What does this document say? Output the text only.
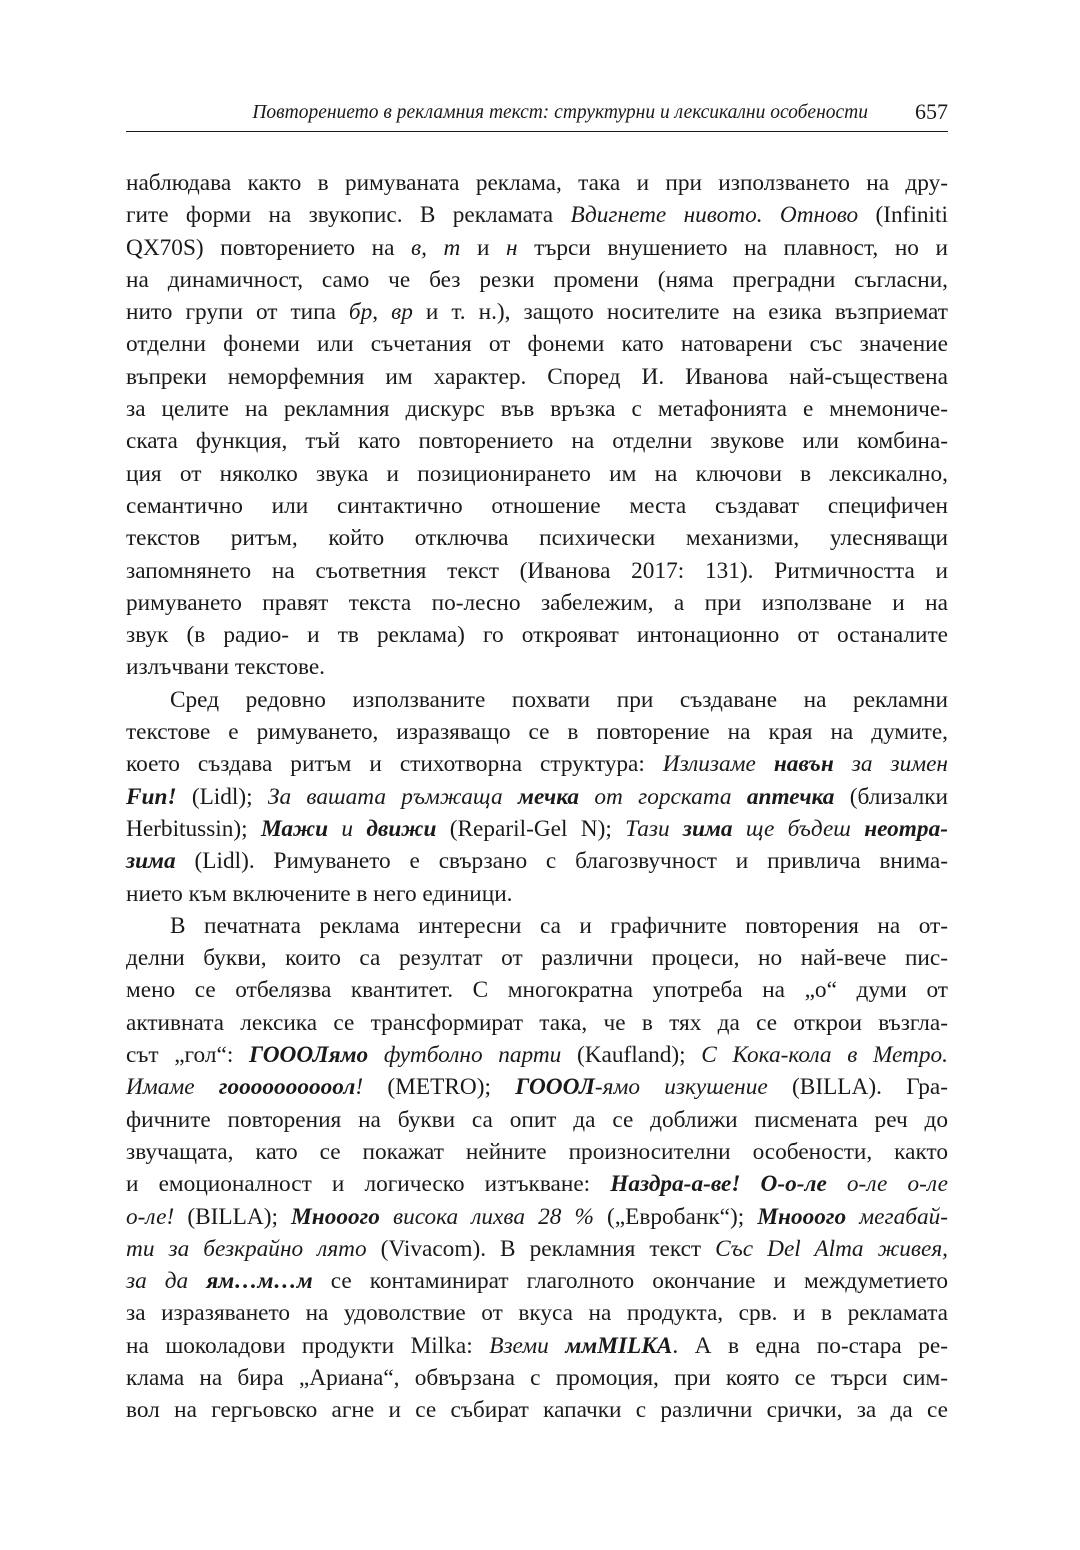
Повторението в рекламния текст: структурни и лексикални особености 657
наблюдава както в римуваната реклама, така и при използването на дру-
гите форми на звукопис. В рекламата Вдигнете нивото. Отново (Infiniti
QX70S) повторението на в, т и н търси внушението на плавност, но и
на динамичност, само че без резки промени (няма преградни съгласни,
нито групи от типа бр, вр и т. н.), защото носителите на езика възприемат
отделни фонеми или съчетания от фонеми като натоварени със значение
въпреки неморфемния им характер. Според И. Иванова най-съществена
за целите на рекламния дискурс във връзка с метафонията е мнемониче-
ската функция, тъй като повторението на отделни звукове или комбина-
ция от няколко звука и позиционирането им на ключови в лексикално,
семантично или синтактично отношение места създават специфичен
текстов ритъм, който отключва психически механизми, улесняващи
запомнянето на съответния текст (Иванова 2017: 131). Ритмичността и
римуването правят текста по-лесно забележим, а при използване и на
звук (в радио- и тв реклама) го открояват интонационно от останалите
излъчвани текстове.
Сред редовно използваните похвати при създаване на рекламни
текстове е римуването, изразяващо се в повторение на края на думите,
което създава ритъм и стихотворна структура: Излизаме навън за зимен
Fun! (Lidl); За вашата ръмжаща мечка от горската аптечка (близалки
Herbitussin); Мажи и движи (Reparil-Gel N); Тази зима ще бъдеш неотра-
зима (Lidl). Римуването е свързано с благозвучност и привлича внима-
нието към включените в него единици.
В печатната реклама интересни са и графичните повторения на от-
делни букви, които са резултат от различни процеси, но най-вече пис-
мено се отбелязва квантитет. С многократна употреба на „о“ думи от
активната лексика се трансформират така, че в тях да се открои възгла-
сът „гол“: ГОООЛямо футболно парти (Kaufland); С Кока-кола в Метро.
Имаме гоооооооооол! (METRO); ГОООЛ-ямо изкушение (BILLA). Гра-
фичните повторения на букви са опит да се доближи писмената реч до
звучащата, като се покажат нейните произносителни особености, както
и емоционалност и логическо изтъкване: Наздра-а-ве! О-о-ле о-ле о-ле
о-ле! (BILLA); Мнооого висока лихва 28 % („Евробанк“); Мнооого мегабай-
ти за безкрайно лято (Vivacom). В рекламния текст Със Del Alma живея,
за да ям…м…м се контаминират глаголното окончание и междуметието
за изразяването на удоволствие от вкуса на продукта, срв. и в рекламата
на шоколадови продукти Milka: Вземи ммMILKA. А в една по-стара ре-
клама на бира „Ариана“, обвързана с промоция, при която се търси сим-
вол на гергьовско агне и се събират капачки с различни срички, за да се
